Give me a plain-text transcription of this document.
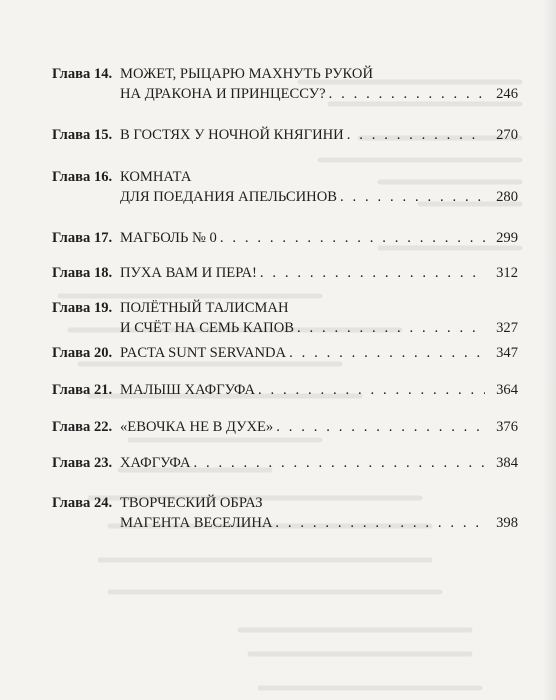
Глава 14. МОЖЕТ, РЫЦАРЮ МАХНУТЬ РУКОЙ
НА ДРАКОНА И ПРИНЦЕССУ? . . .	246
Глава 15. В ГОСТЯХ У НОЧНОЙ КНЯГИНИ . . .	270
Глава 16. КОМНАТА
ДЛЯ ПОЕДАНИЯ АПЕЛЬСИНОВ . . .	280
Глава 17. МАГБОЛЬ № 0 . . .	299
Глава 18. ПУХА ВАМ И ПЕРА! . . .	312
Глава 19. ПОЛЁТНЫЙ ТАЛИСМАН
И СЧЁТ НА СЕМЬ КАПОВ . . .	327
Глава 20. PACTA SUNT SERVANDA . . .	347
Глава 21. МАЛЫШ ХАФГУФА . . .	364
Глава 22. «ЕВОЧКА НЕ В ДУХЕ» . . .	376
Глава 23. ХАФГУФА . . .	384
Глава 24. ТВОРЧЕСКИЙ ОБРАЗ
МАГЕНТА ВЕСЕЛИНА . . .	398
